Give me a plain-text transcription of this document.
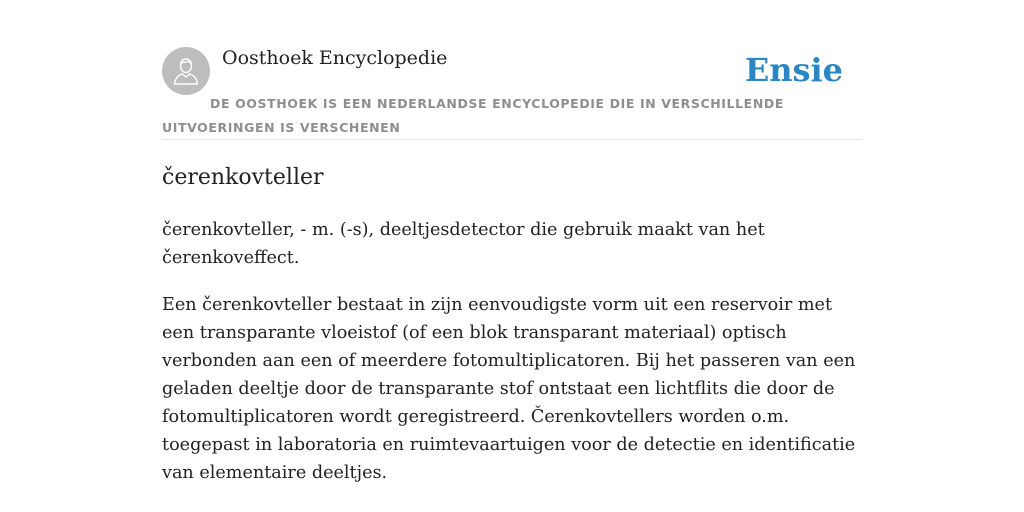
Oosthoek Encyclopedie	Ensie
DE OOSTHOEK IS EEN NEDERLANDSE ENCYCLOPEDIE DIE IN VERSCHILLENDE UITVOERINGEN IS VERSCHENEN
čerenkovteller

čerenkovteller, - m. (-s), deeltjesdetector die gebruik maakt van het čerenkoveffect.

Een čerenkovteller bestaat in zijn eenvoudigste vorm uit een reservoir met een transparante vloeistof (of een blok transparant materiaal) optisch verbonden aan een of meerdere fotomultiplicatoren. Bij het passeren van een geladen deeltje door de transparante stof ontstaat een lichtflits die door de fotomultiplicatoren wordt geregistreerd. Čerenkovtellers worden o.m. toegepast in laboratoria en ruimtevaartuigen voor de detectie en identificatie van elementaire deeltjes.
